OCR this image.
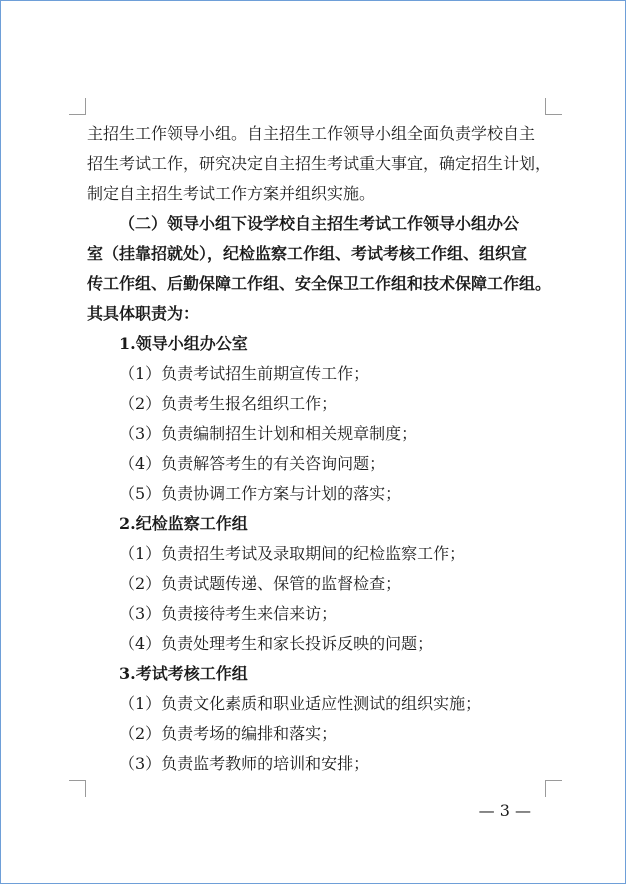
主招生工作领导小组。自主招生工作领导小组全面负责学校自主
招生考试工作，研究决定自主招生考试重大事宜，确定招生计划，
制定自主招生考试工作方案并组织实施。
（二）领导小组下设学校自主招生考试工作领导小组办公
室（挂靠招就处），纪检监察工作组、考试考核工作组、组织宣
传工作组、后勤保障工作组、安全保卫工作组和技术保障工作组。
其具体职责为：
1.领导小组办公室
（1）负责考试招生前期宣传工作；
（2）负责考生报名组织工作；
（3）负责编制招生计划和相关规章制度；
（4）负责解答考生的有关咨询问题；
（5）负责协调工作方案与计划的落实；
2.纪检监察工作组
（1）负责招生考试及录取期间的纪检监察工作；
（2）负责试题传递、保管的监督检查；
（3）负责接待考生来信来访；
（4）负责处理考生和家长投诉反映的问题；
3.考试考核工作组
（1）负责文化素质和职业适应性测试的组织实施；
（2）负责考场的编排和落实；
（3）负责监考教师的培训和安排；
— 3 —
